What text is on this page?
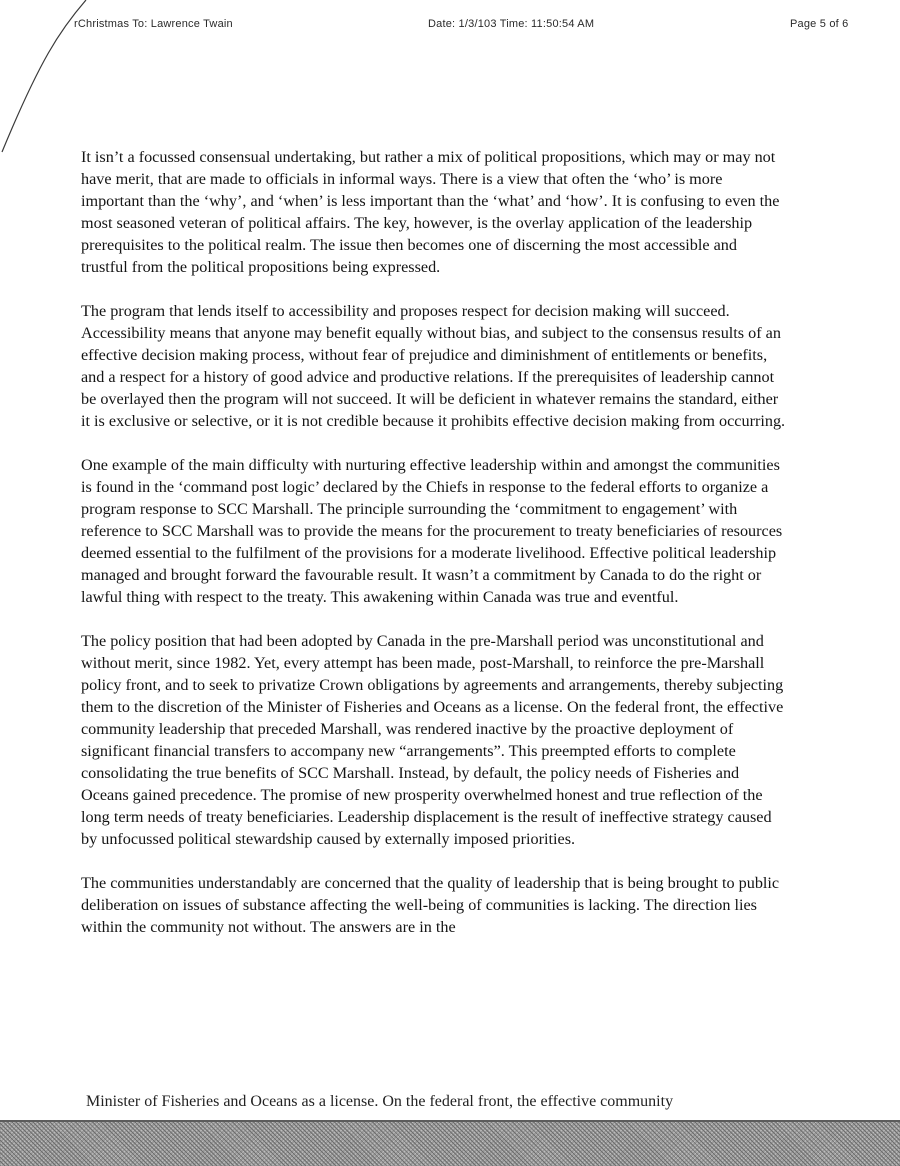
rChristmas To: Lawrence Twain	Date: 1/3/103 Time: 11:50:54 AM	Page 5 of 6

It isn’t a focussed consensual undertaking, but rather a mix of political propositions, which may or may not have merit, that are made to officials in informal ways. There is a view that often the ‘who’ is more important than the ‘why’, and ‘when’ is less important than the ‘what’ and ‘how’. It is confusing to even the most seasoned veteran of political affairs. The key, however, is the overlay application of the leadership prerequisites to the political realm. The issue then becomes one of discerning the most accessible and trustful from the political propositions being expressed.

The program that lends itself to accessibility and proposes respect for decision making will succeed. Accessibility means that anyone may benefit equally without bias, and subject to the consensus results of an effective decision making process, without fear of prejudice and diminishment of entitlements or benefits, and a respect for a history of good advice and productive relations. If the prerequisites of leadership cannot be overlayed then the program will not succeed. It will be deficient in whatever remains the standard, either it is exclusive or selective, or it is not credible because it prohibits effective decision making from occurring.

One example of the main difficulty with nurturing effective leadership within and amongst the communities is found in the ‘command post logic’ declared by the Chiefs in response to the federal efforts to organize a program response to SCC Marshall. The principle surrounding the ‘commitment to engagement’ with reference to SCC Marshall was to provide the means for the procurement to treaty beneficiaries of resources deemed essential to the fulfilment of the provisions for a moderate livelihood. Effective political leadership managed and brought forward the favourable result. It wasn’t a commitment by Canada to do the right or lawful thing with respect to the treaty. This awakening within Canada was true and eventful.

The policy position that had been adopted by Canada in the pre-Marshall period was unconstitutional and without merit, since 1982. Yet, every attempt has been made, post-Marshall, to reinforce the pre-Marshall policy front, and to seek to privatize Crown obligations by agreements and arrangements, thereby subjecting them to the discretion of the Minister of Fisheries and Oceans as a license. On the federal front, the effective community leadership that preceded Marshall, was rendered inactive by the proactive deployment of significant financial transfers to accompany new “arrangements”. This preempted efforts to complete consolidating the true benefits of SCC Marshall. Instead, by default, the policy needs of Fisheries and Oceans gained precedence. The promise of new prosperity overwhelmed honest and true reflection of the long term needs of treaty beneficiaries. Leadership displacement is the result of ineffective strategy caused by unfocussed political stewardship caused by externally imposed priorities.

The communities understandably are concerned that the quality of leadership that is being brought to public deliberation on issues of substance affecting the well-being of communities is lacking. The direction lies within the community not without. The answers are in the

Minister of Fisheries and Oceans as a license. On the federal front, the effective community
